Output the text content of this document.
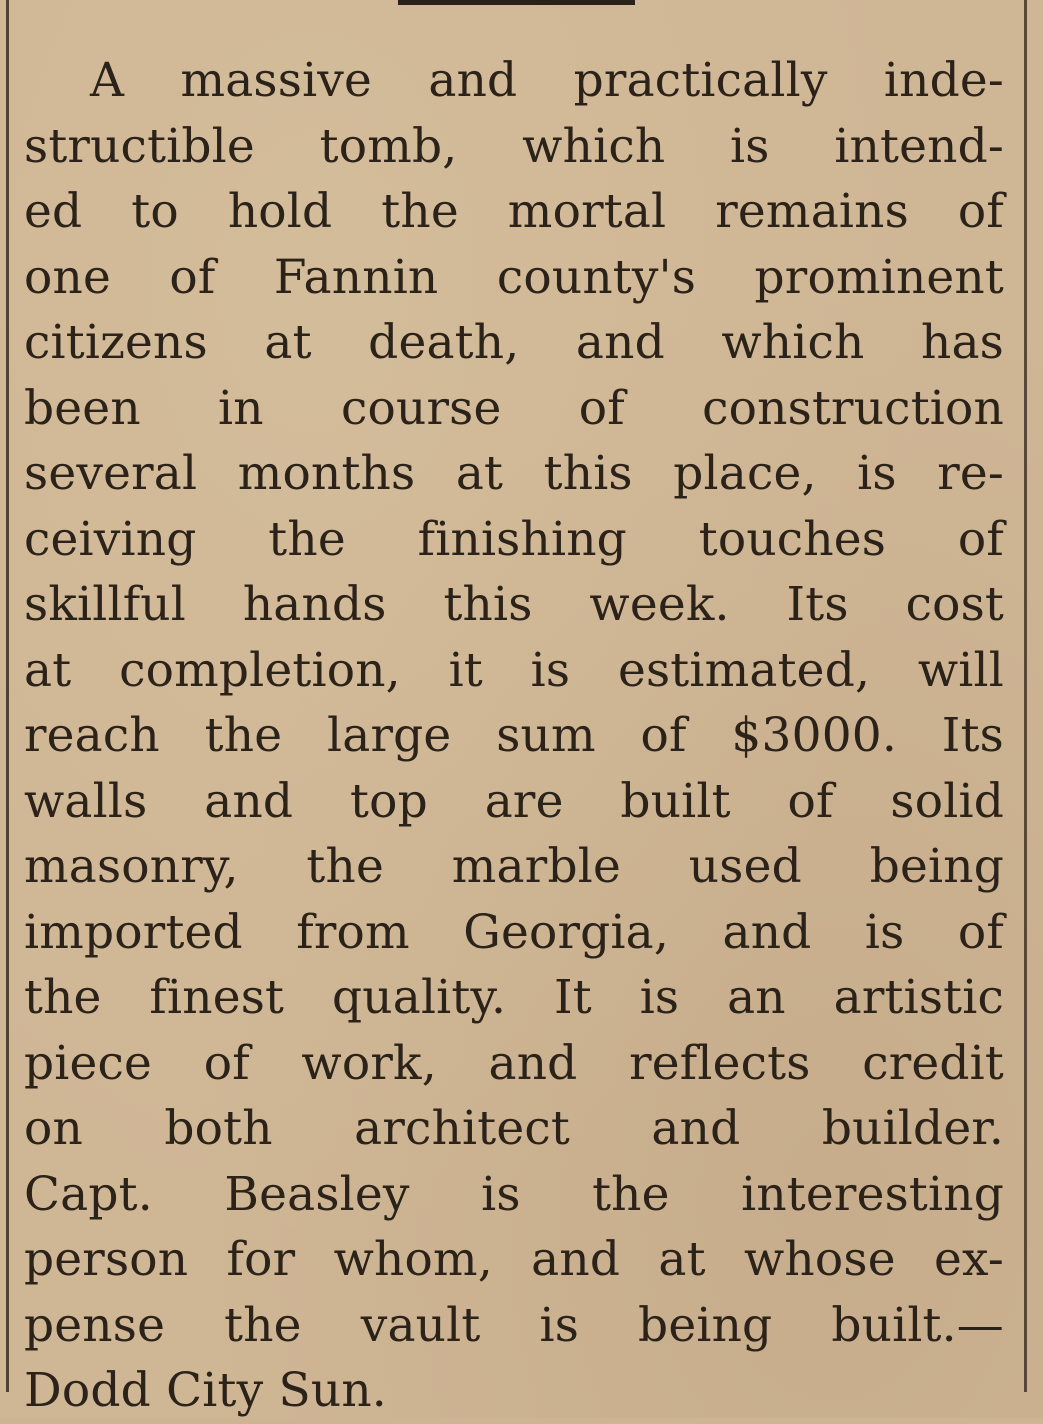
A massive and practically inde-
structible tomb, which is intend-
ed to hold the mortal remains of
one of Fannin county's prominent
citizens at death, and which has
been in course of construction
several months at this place, is re-
ceiving the finishing touches of
skillful hands this week. Its cost
at completion, it is estimated, will
reach the large sum of $3000. Its
walls and top are built of solid
masonry, the marble used being
imported from Georgia, and is of
the finest quality. It is an artistic
piece of work, and reflects credit
on both architect and builder.
Capt. Beasley is the interesting
person for whom, and at whose ex-
pense the vault is being built.—
Dodd City Sun.
